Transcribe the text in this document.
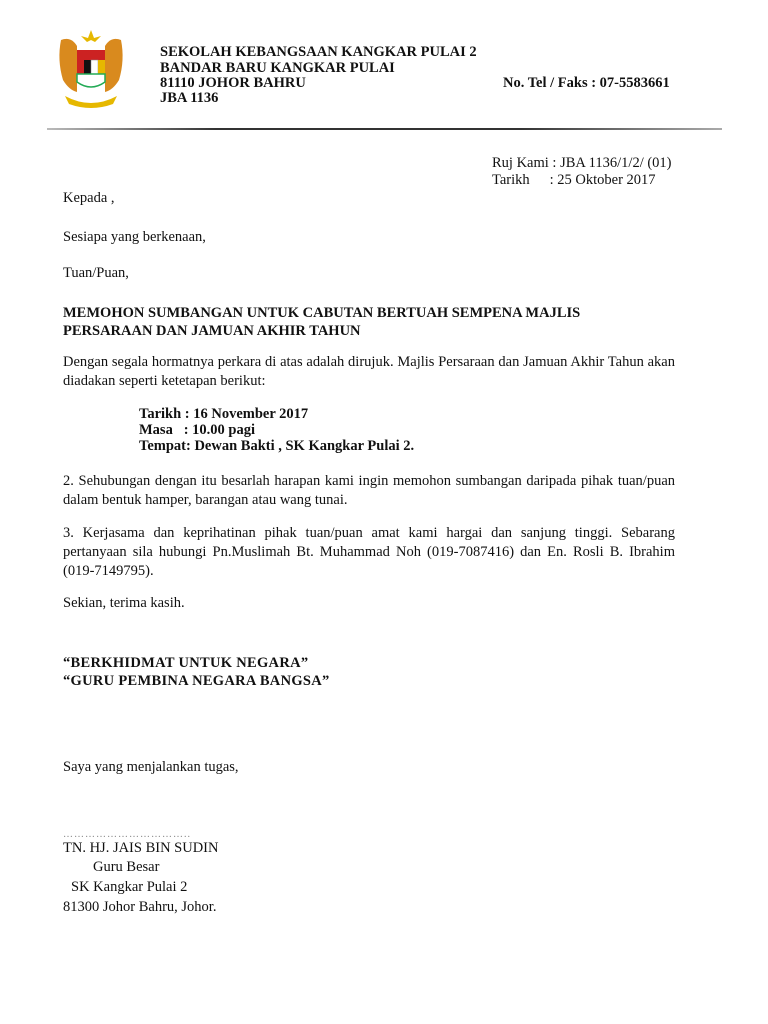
SEKOLAH KEBANGSAAN KANGKAR PULAI 2
BANDAR BARU KANGKAR PULAI
81110 JOHOR BAHRU
JBA 1136
No. Tel / Faks : 07-5583661
Ruj Kami : JBA 1136/1/2/ (01)
Tarikh : 25 Oktober 2017
Kepada ,
Sesiapa yang berkenaan,
Tuan/Puan,
MEMOHON SUMBANGAN UNTUK CABUTAN BERTUAH SEMPENA MAJLIS
PERSARAAN DAN JAMUAN AKHIR TAHUN
Dengan segala hormatnya perkara di atas adalah dirujuk. Majlis Persaraan dan Jamuan Akhir Tahun akan diadakan seperti ketetapan berikut:
Tarikh : 16 November 2017
Masa   : 10.00 pagi
Tempat: Dewan Bakti , SK Kangkar Pulai 2.
2. Sehubungan dengan itu besarlah harapan kami ingin memohon sumbangan daripada pihak tuan/puan dalam bentuk hamper, barangan atau wang tunai.
3. Kerjasama dan keprihatinan pihak tuan/puan amat kami hargai dan sanjung tinggi. Sebarang pertanyaan sila hubungi Pn.Muslimah Bt. Muhammad Noh (019-7087416) dan En. Rosli B. Ibrahim (019-7149795).
Sekian, terima kasih.
“BERKHIDMAT UNTUK NEGARA”
“GURU PEMBINA NEGARA BANGSA”
Saya yang menjalankan tugas,
……………………………..
TN. HJ. JAIS BIN SUDIN
Guru Besar
SK Kangkar Pulai 2
81300 Johor Bahru, Johor.
